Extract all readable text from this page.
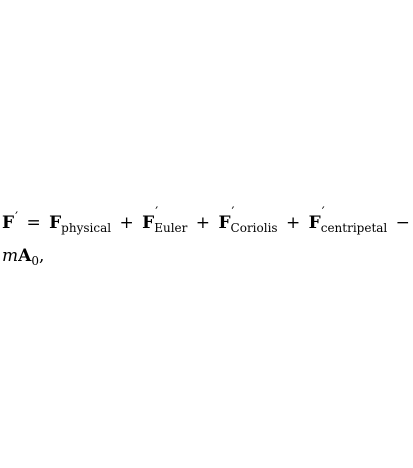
$F' = F_{physical} + F$
′
Euler + F
′
Coriolis + F
′
centripetal −
$mA_0$,
